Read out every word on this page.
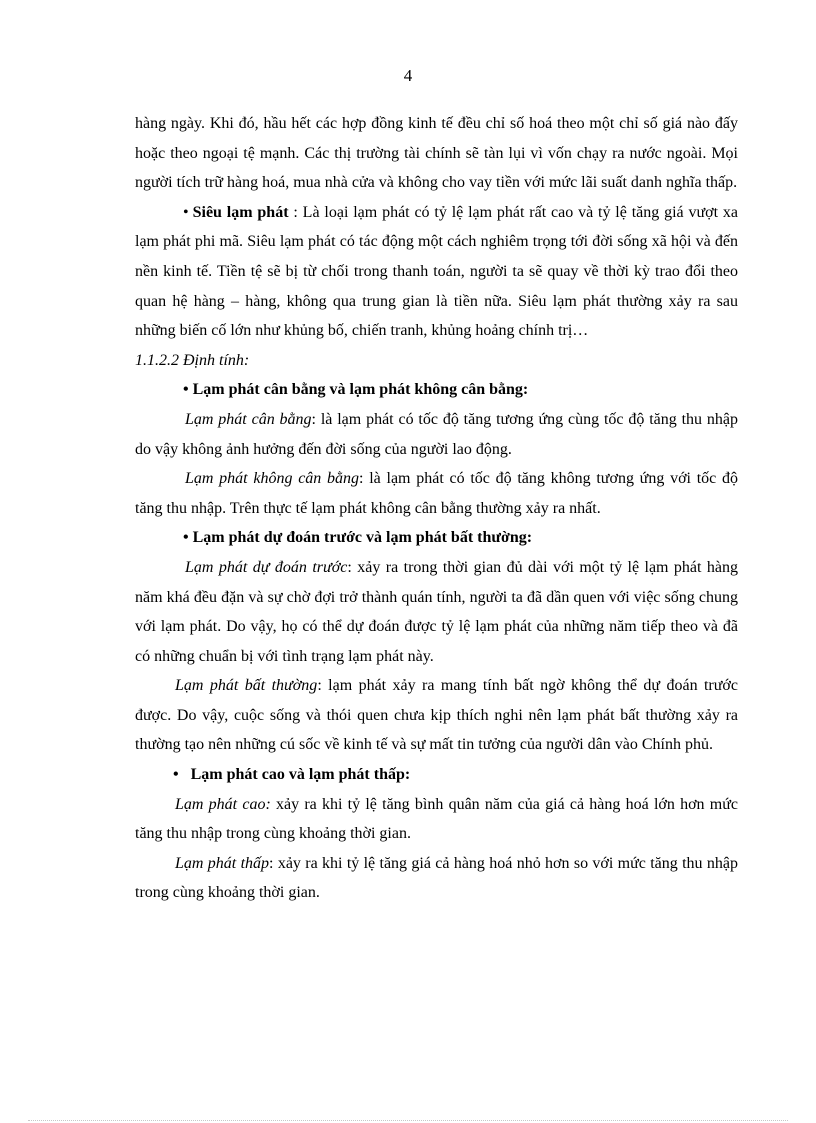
4

hàng ngày. Khi đó, hầu hết các hợp đồng kinh tế đều chỉ số hoá theo một chỉ số giá nào đấy hoặc theo ngoại tệ mạnh. Các thị trường tài chính sẽ tàn lụi vì vốn chạy ra nước ngoài. Mọi người tích trữ hàng hoá, mua nhà cửa và không cho vay tiền với mức lãi suất danh nghĩa thấp.

• Siêu lạm phát : Là loại lạm phát có tỷ lệ lạm phát rất cao và tỷ lệ tăng giá vượt xa lạm phát phi mã. Siêu lạm phát có tác động một cách nghiêm trọng tới đời sống xã hội và đến nền kinh tế. Tiền tệ sẽ bị từ chối trong thanh toán, người ta sẽ quay về thời kỳ trao đổi theo quan hệ hàng – hàng, không qua trung gian là tiền nữa. Siêu lạm phát thường xảy ra sau những biến cố lớn như khủng bố, chiến tranh, khủng hoảng chính trị…

1.1.2.2 Định tính:

• Lạm phát cân bằng và lạm phát không cân bằng:

Lạm phát cân bằng: là lạm phát có tốc độ tăng tương ứng cùng tốc độ tăng thu nhập do vậy không ảnh hưởng đến đời sống của người lao động.

Lạm phát không cân bằng: là lạm phát có tốc độ tăng không tương ứng với tốc độ tăng thu nhập. Trên thực tế lạm phát không cân bằng thường xảy ra nhất.

• Lạm phát dự đoán trước và lạm phát bất thường:

Lạm phát dự đoán trước: xảy ra trong thời gian đủ dài với một tỷ lệ lạm phát hàng năm khá đều đặn và sự chờ đợi trở thành quán tính, người ta đã dần quen với việc sống chung với lạm phát. Do vậy, họ có thể dự đoán được tỷ lệ lạm phát của những năm tiếp theo và đã có những chuẩn bị với tình trạng lạm phát này.

Lạm phát bất thường: lạm phát xảy ra mang tính bất ngờ không thể dự đoán trước được. Do vậy, cuộc sống và thói quen chưa kịp thích nghi nên lạm phát bất thường xảy ra thường tạo nên những cú sốc về kinh tế và sự mất tin tưởng của người dân vào Chính phủ.

• Lạm phát cao và lạm phát thấp:

Lạm phát cao: xảy ra khi tỷ lệ tăng bình quân năm của giá cả hàng hoá lớn hơn mức tăng thu nhập trong cùng khoảng thời gian.

Lạm phát thấp: xảy ra khi tỷ lệ tăng giá cả hàng hoá nhỏ hơn so với mức tăng thu nhập trong cùng khoảng thời gian.
